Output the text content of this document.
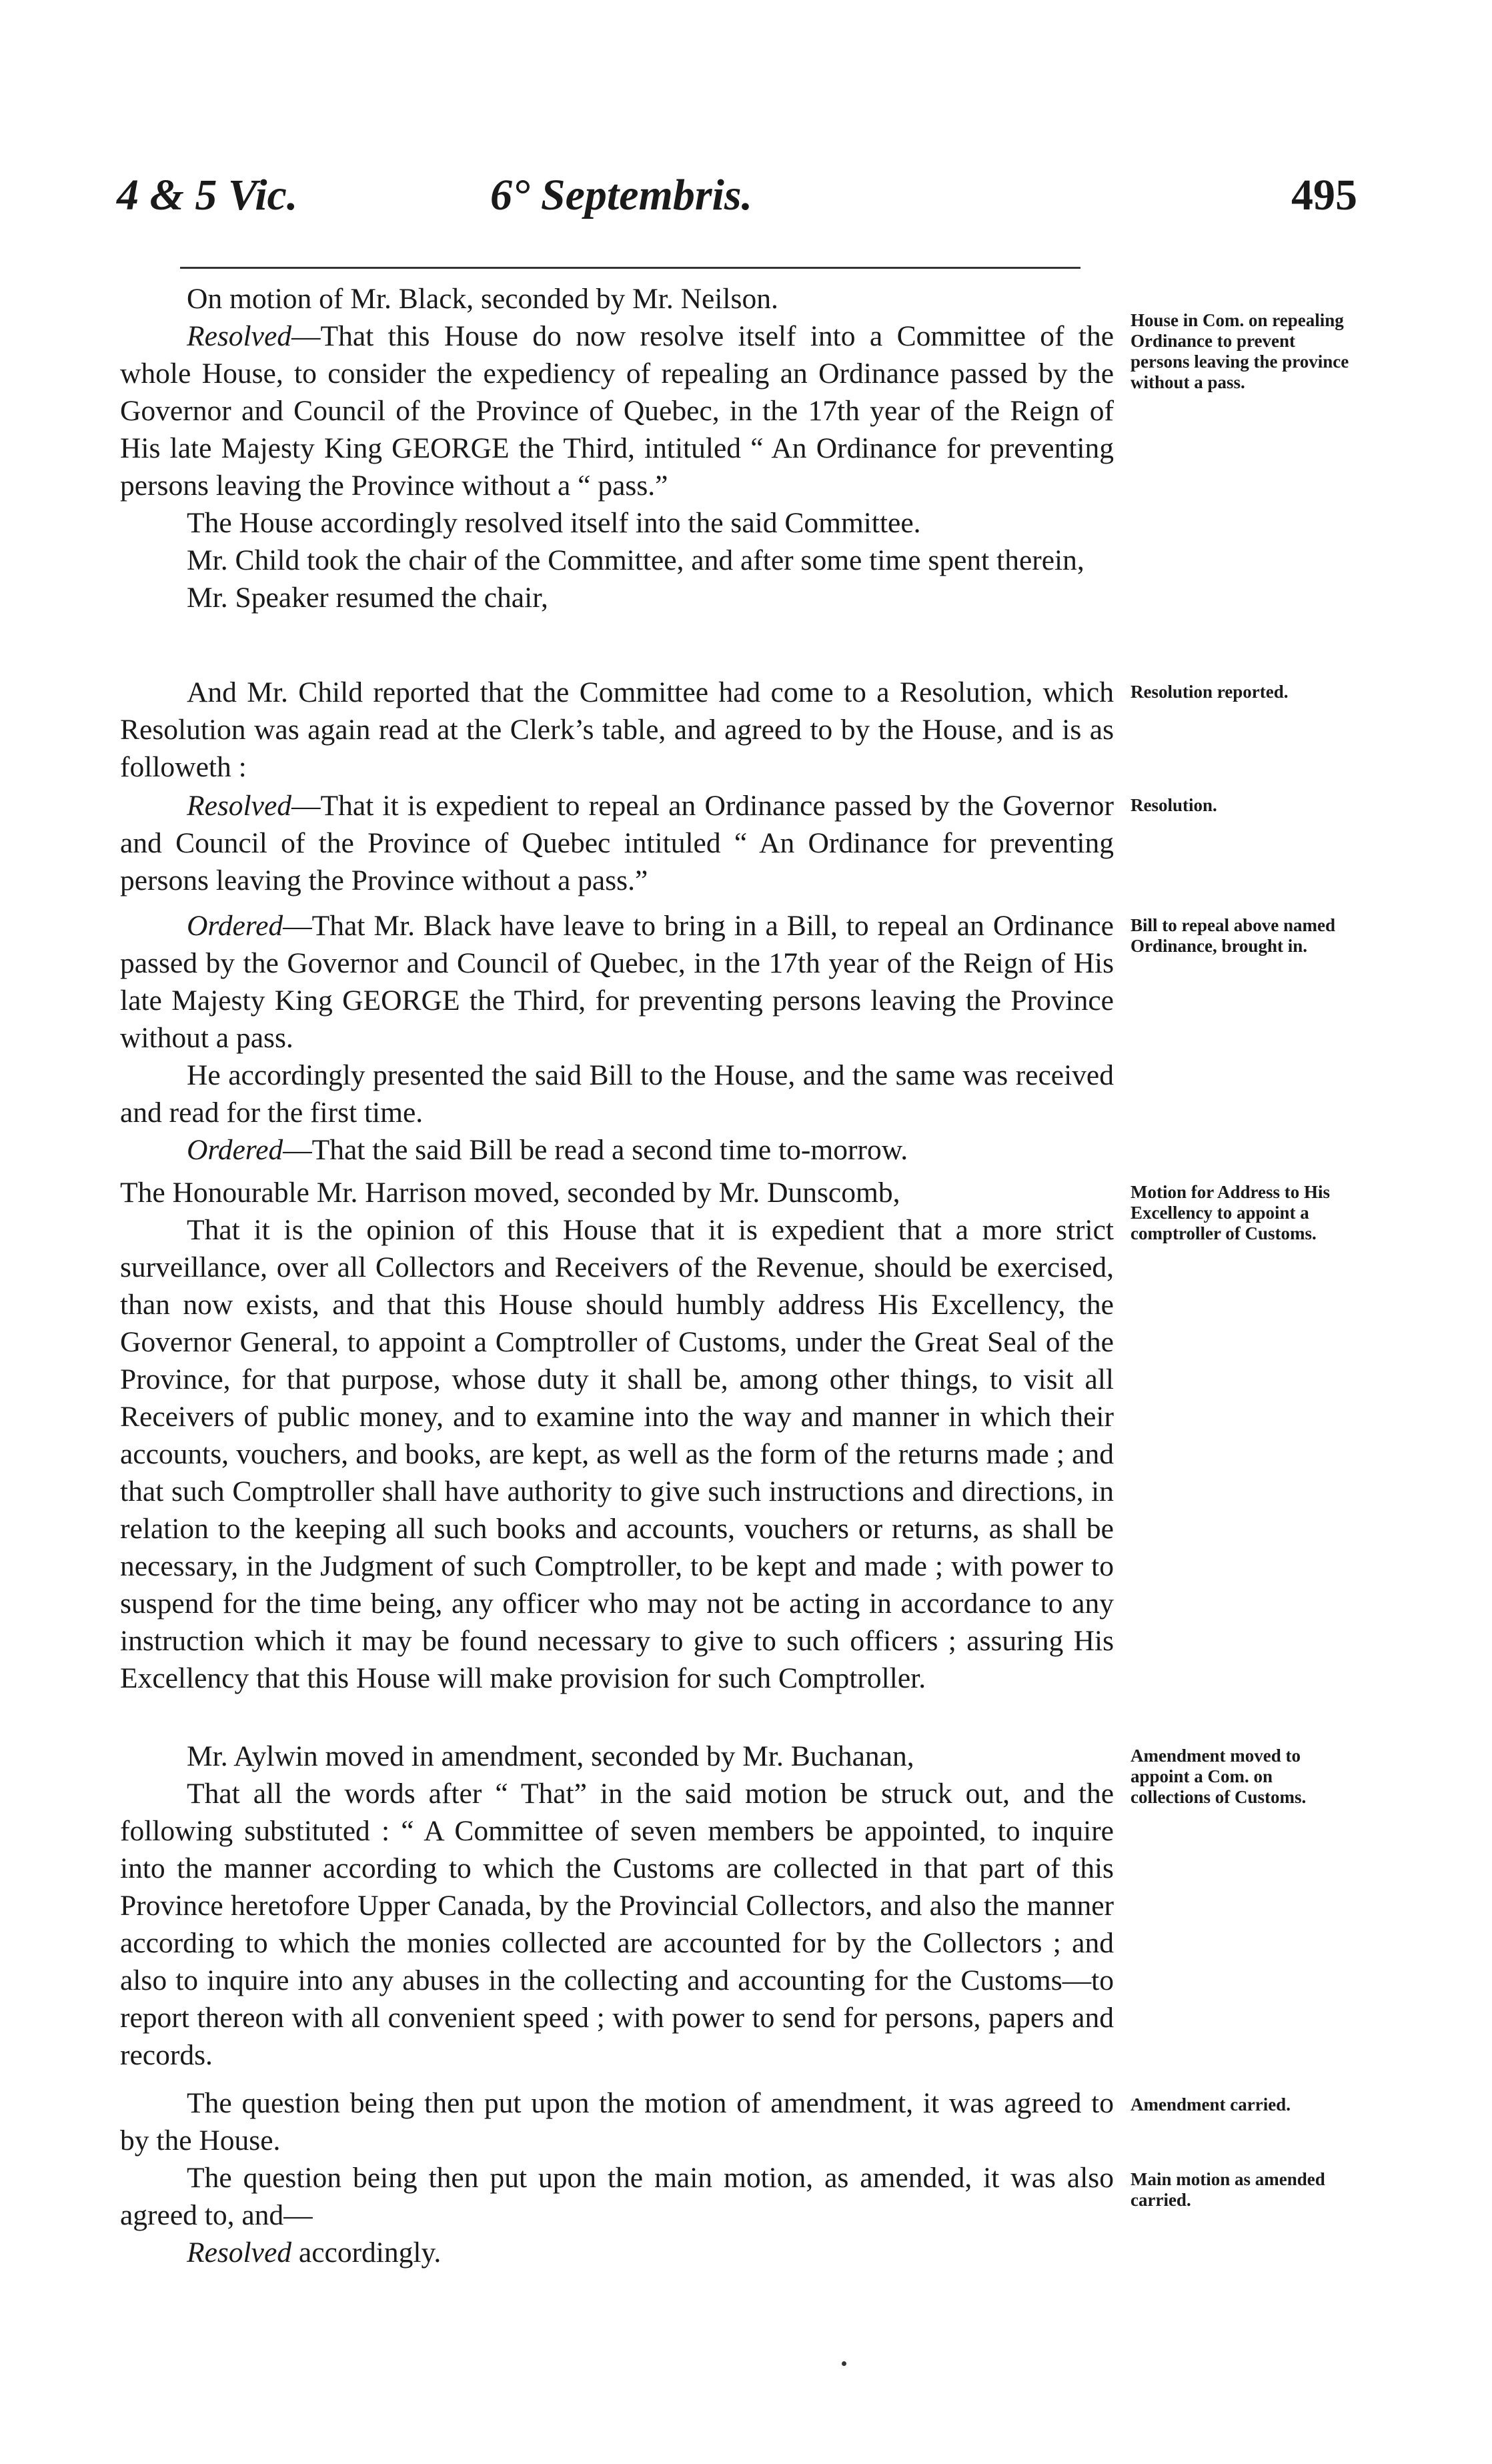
4 & 5 Vic.	6° Septembris.	495

On motion of Mr. Black, seconded by Mr. Neilson.

Resolved—That this House do now resolve itself into a Committee of the whole House, to consider the expediency of repealing an Ordinance passed by the Governor and Council of the Province of Quebec, in the 17th year of the Reign of His late Majesty King GEORGE the Third, intituled “ An Ordinance for preventing persons leaving the Province without a “ pass.”

The House accordingly resolved itself into the said Committee.

Mr. Child took the chair of the Committee, and after some time spent therein,

Mr. Speaker resumed the chair,

House in Com. on repealing Ordinance to prevent persons leaving the province without a pass.

And Mr. Child reported that the Committee had come to a Resolution, which Resolution was again read at the Clerk’s table, and agreed to by the House, and is as followeth :

Resolution reported.

Resolved—That it is expedient to repeal an Ordinance passed by the Governor and Council of the Province of Quebec intituled “ An Ordinance for preventing persons leaving the Province without a pass.”

Resolution.

Ordered—That Mr. Black have leave to bring in a Bill, to repeal an Ordinance passed by the Governor and Council of Quebec, in the 17th year of the Reign of His late Majesty King GEORGE the Third, for preventing persons leaving the Province without a pass.

He accordingly presented the said Bill to the House, and the same was received and read for the first time.

Ordered—That the said Bill be read a second time to-morrow.

Bill to repeal above named Ordinance, brought in.

The Honourable Mr. Harrison moved, seconded by Mr. Dunscomb,

That it is the opinion of this House that it is expedient that a more strict surveillance, over all Collectors and Receivers of the Revenue, should be exercised, than now exists, and that this House should humbly address His Excellency, the Governor General, to appoint a Comptroller of Customs, under the Great Seal of the Province, for that purpose, whose duty it shall be, among other things, to visit all Receivers of public money, and to examine into the way and manner in which their accounts, vouchers, and books, are kept, as well as the form of the returns made ; and that such Comptroller shall have authority to give such instructions and directions, in relation to the keeping all such books and accounts, vouchers or returns, as shall be necessary, in the Judgment of such Comptroller, to be kept and made ; with power to suspend for the time being, any officer who may not be acting in accordance to any instruction which it may be found necessary to give to such officers ; assuring His Excellency that this House will make provision for such Comptroller.

Motion for Address to His Excellency to appoint a comptroller of Customs.

Mr. Aylwin moved in amendment, seconded by Mr. Buchanan,

That all the words after “ That” in the said motion be struck out, and the following substituted : “ A Committee of seven members be appointed, to inquire into the manner according to which the Customs are collected in that part of this Province heretofore Upper Canada, by the Provincial Collectors, and also the manner according to which the monies collected are accounted for by the Collectors ; and also to inquire into any abuses in the collecting and accounting for the Customs—to report thereon with all convenient speed ; with power to send for persons, papers and records.

Amendment moved to appoint a Com. on collections of Customs.

The question being then put upon the motion of amendment, it was agreed to by the House.

Amendment carried.

The question being then put upon the main motion, as amended, it was also agreed to, and—

Resolved accordingly.

Main motion as amended carried.
